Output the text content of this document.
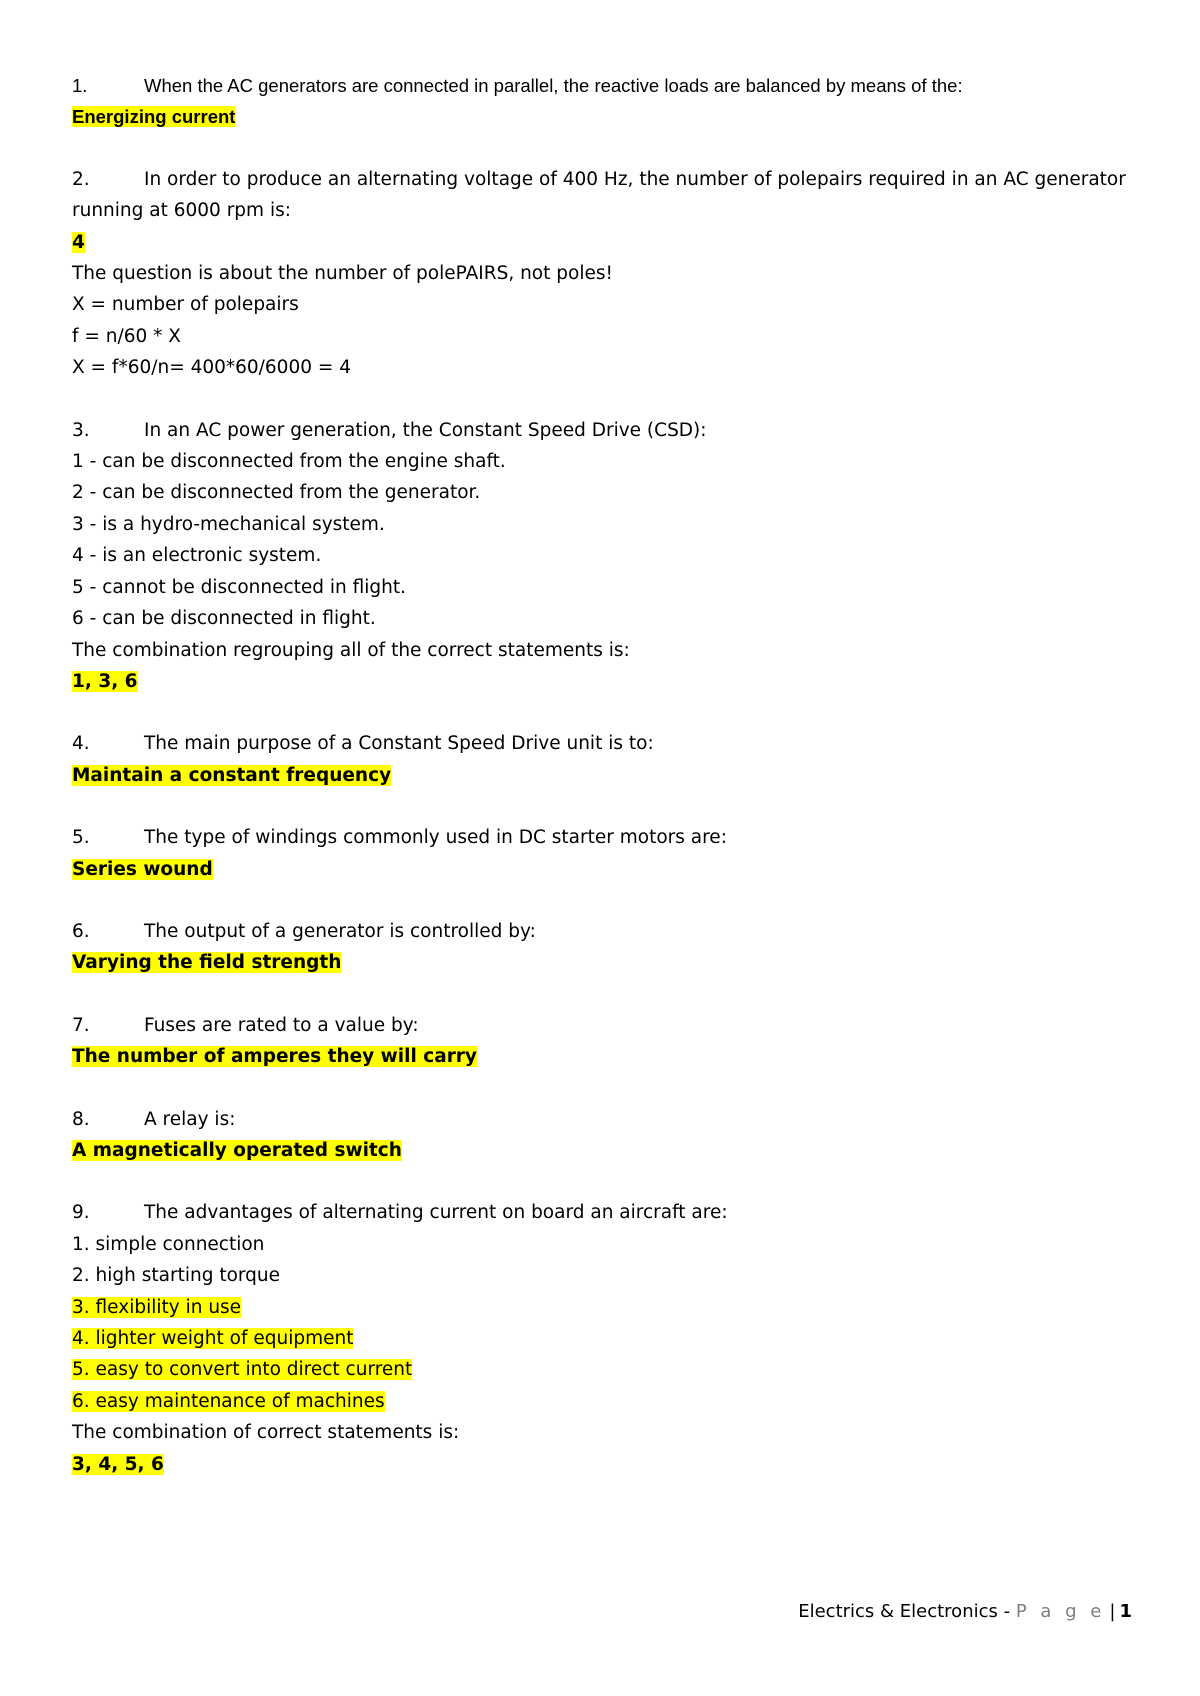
1.	When the AC generators are connected in parallel, the reactive loads are balanced by means of the:
Energizing current
2.	In order to produce an alternating voltage of 400 Hz, the number of polepairs required in an AC generator running at 6000 rpm is:
4
The question is about the number of polePAIRS, not poles!
X = number of polepairs
f = n/60 * X
X = f*60/n= 400*60/6000 = 4
3.	In an AC power generation, the Constant Speed Drive (CSD):
1 - can be disconnected from the engine shaft.
2 - can be disconnected from the generator.
3 - is a hydro-mechanical system.
4 - is an electronic system.
5 - cannot be disconnected in flight.
6 - can be disconnected in flight.
The combination regrouping all of the correct statements is:
1, 3, 6
4.	The main purpose of a Constant Speed Drive unit is to:
Maintain a constant frequency
5.	The type of windings commonly used in DC starter motors are:
Series wound
6.	The output of a generator is controlled by:
Varying the field strength
7.	Fuses are rated to a value by:
The number of amperes they will carry
8.	A relay is:
A magnetically operated switch
9.	The advantages of alternating current on board an aircraft are:
1. simple connection
2. high starting torque
3. flexibility in use
4. lighter weight of equipment
5. easy to convert into direct current
6. easy maintenance of machines
The combination of correct statements is:
3, 4, 5, 6
Electrics & Electronics - P a g e | 1
